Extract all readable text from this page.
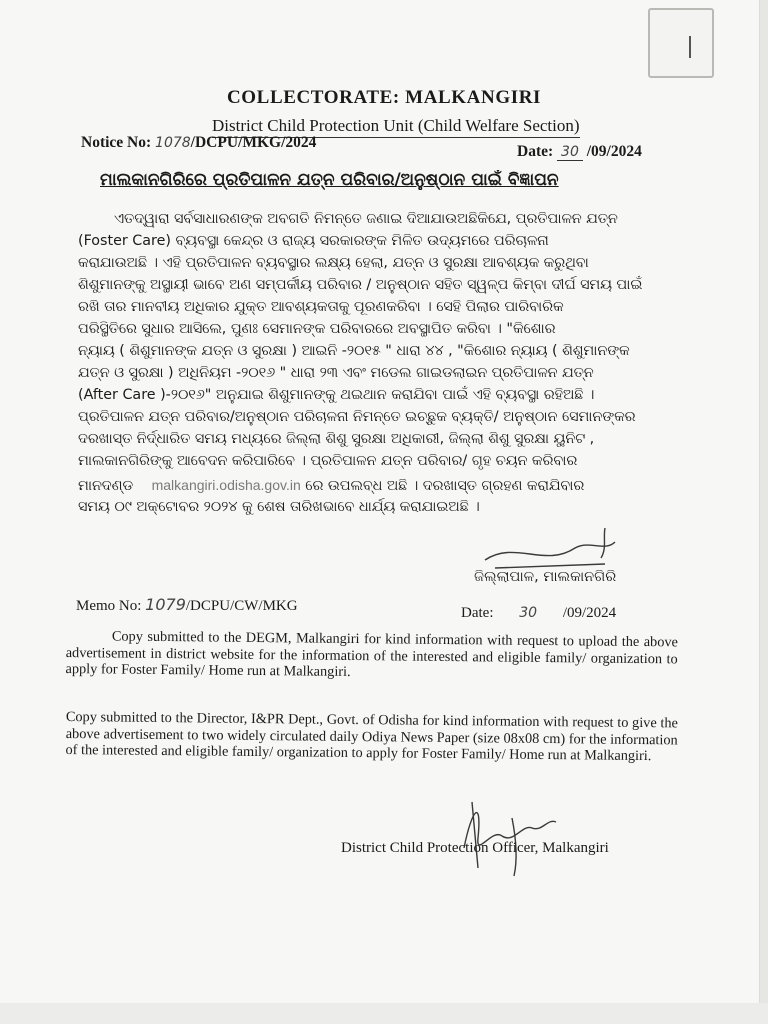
COLLECTORATE: MALKANGIRI
District Child Protection Unit (Child Welfare Section)
Notice No: 1078/DCPU/MKG/2024
Date: 30 /09/2024
ମାଲକାନଗିରିରେ ପ୍ରତିପାଳନ ଯତ୍ନ ପରିବାର/ଅନୁଷ୍ଠାନ ପାଇଁ ବିଜ୍ଞାପନ
ଏତଦ୍ୱାରା ସର୍ବସାଧାରଣଙ୍କ ଅବଗତି ନିମନ୍ତେ ଜଣାଇ ଦିଆଯାଉଅଛିକିଯେ, ପ୍ରତିପାଳନ ଯତ୍ନ
(Foster Care) ବ୍ୟବସ୍ଥା କେନ୍ଦ୍ର ଓ ରାଜ୍ୟ ସରକାରଙ୍କ ମିଳିତ ଉଦ୍ୟମରେ ପରିଚାଳନା
କରାଯାଉଅଛି । ଏହି ପ୍ରତିପାଳନ ବ୍ୟବସ୍ଥାର ଲକ୍ଷ୍ୟ ହେଲା, ଯତ୍ନ ଓ ସୁରକ୍ଷା ଆବଶ୍ୟକ କରୁଥିବା
ଶିଶୁମାନଙ୍କୁ ଅସ୍ଥାୟୀ ଭାବେ ଅଣ ସମ୍ପର୍କୀୟ ପରିବାର / ଅନୁଷ୍ଠାନ ସହିତ ସ୍ୱଳ୍ପ କିମ୍ବା ଦୀର୍ଘ ସମୟ ପାଇଁ
ରଖି ତାର ମାନବୀୟ ଅଧିକାର ଯୁକ୍ତ ଆବଶ୍ୟକତାକୁ ପୂରଣକରିବା । ସେହି ପିଲାର ପାରିବାରିକ
ପରିସ୍ଥିତିରେ ସୁଧାର ଆସିଲେ, ପୁଣଃ ସେମାନଙ୍କ ପରିବାରରେ ଅବସ୍ଥାପିତ କରିବା । "କିଶୋର
ନ୍ୟାୟ ( ଶିଶୁମାନଙ୍କ ଯତ୍ନ ଓ ସୁରକ୍ଷା ) ଆଇନି -୨୦୧୫ " ଧାରା ୪୪ , "କିଶୋର ନ୍ୟାୟ ( ଶିଶୁମାନଙ୍କ
ଯତ୍ନ ଓ ସୁରକ୍ଷା ) ଅଧିନିୟମ -୨୦୧୬ " ଧାରା ୨୩ ଏବଂ ମଡେଲ ଗାଇଡଲାଇନ ପ୍ରତିପାଳନ ଯତ୍ନ
(After Care )-୨୦୧୬" ଅନୁଯାଇ ଶିଶୁମାନଙ୍କୁ ଥଇଥାନ କରାଯିବା ପାଇଁ ଏହି ବ୍ୟବସ୍ଥା ରହିଅଛି ।
ପ୍ରତିପାଳନ ଯତ୍ନ ପରିବାର/ଅନୁଷ୍ଠାନ ପରିଚାଳନା ନିମନ୍ତେ ଇଚ୍ଛୁକ ବ୍ୟକ୍ତି/ ଅନୁଷ୍ଠାନ ସେମାନଙ୍କର
ଦରଖାସ୍ତ ନିର୍ଦ୍ଧାରିତ ସମୟ ମଧ୍ୟରେ ଜିଲ୍ଲା ଶିଶୁ ସୁରକ୍ଷା ଅଧିକାରୀ, ଜିଲ୍ଲା ଶିଶୁ ସୁରକ୍ଷା ୟୁନିଟ ,
ମାଲକାନଗିରିଙ୍କୁ ଆବେଦନ କରିପାରିବେ । ପ୍ରତିପାଳନ ଯତ୍ନ ପରିବାର/ ଗୃହ ଚୟନ କରିବାର
ମାନଦଣ୍ଡ malkangiri.odisha.gov.in ରେ ଉପଲବ୍ଧ ଅଛି । ଦରଖାସ୍ତ ଗ୍ରହଣ କରାଯିବାର
ସମୟ ୦୯ ଅକ୍ଟୋବର ୨୦୨୪ କୁ ଶେଷ ତାରିଖଭାବେ ଧାର୍ଯ୍ୟ କରାଯାଇଅଛି ।
ଜିଲ୍ଲାପାଳ, ମାଲକାନଗିରି
Memo No: 1079/DCPU/CW/MKG	Date: 30 /09/2024
Copy submitted to the DEGM, Malkangiri for kind information with request to upload the above advertisement in district website for the information of the interested and eligible family/ organization to apply for Foster Family/ Home run at Malkangiri.
Copy submitted to the Director, I&PR Dept., Govt. of Odisha for kind information with request to give the above advertisement to two widely circulated daily Odiya News Paper (size 08x08 cm) for the information of the interested and eligible family/ organization to apply for Foster Family/ Home run at Malkangiri.
District Child Protection Officer, Malkangiri
